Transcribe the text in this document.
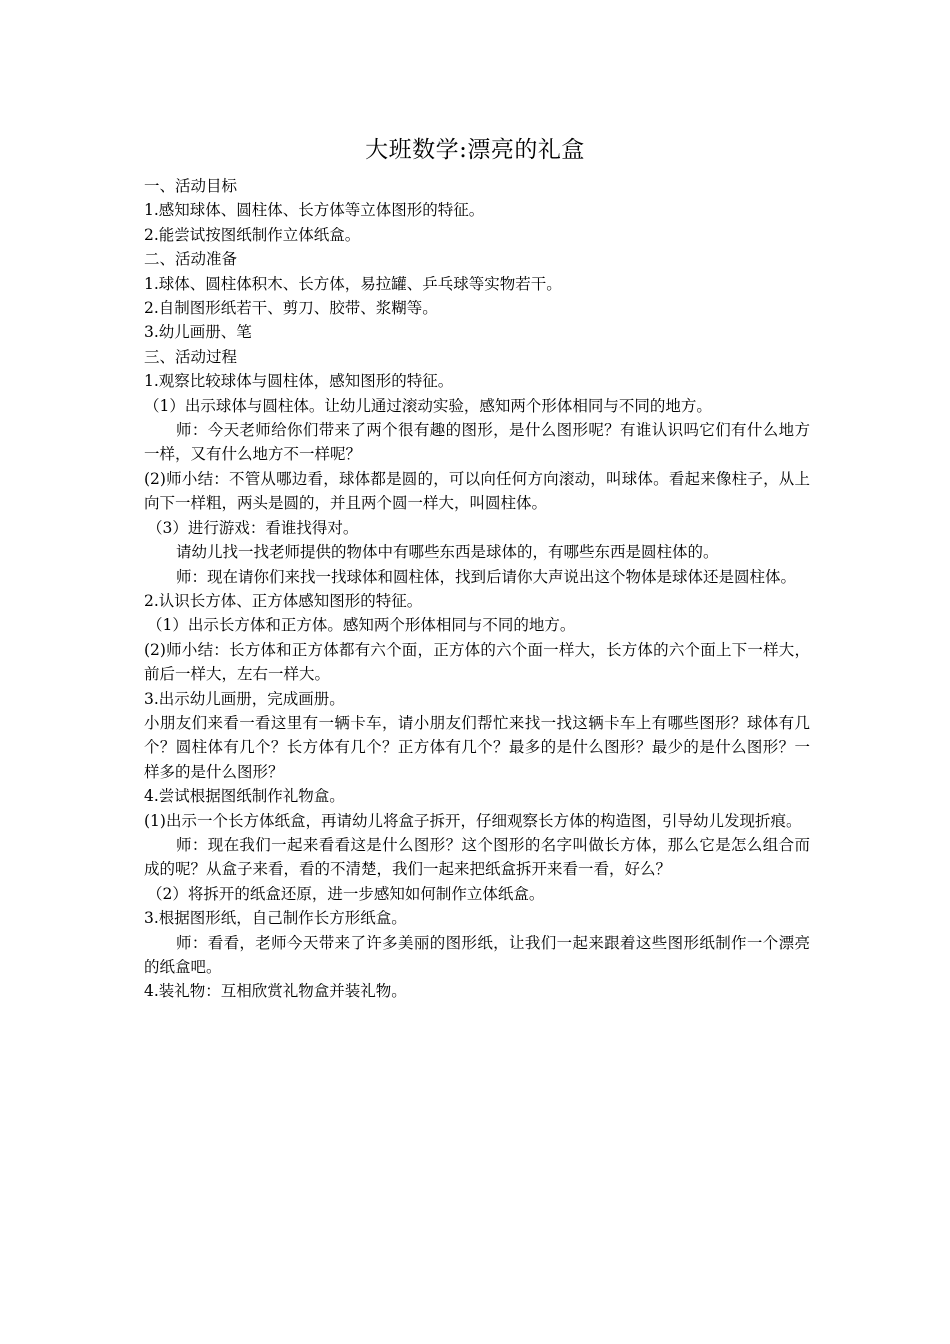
大班数学:漂亮的礼盒

一、活动目标

1.感知球体、圆柱体、长方体等立体图形的特征。

2.能尝试按图纸制作立体纸盒。

二、活动准备

1.球体、圆柱体积木、长方体，易拉罐、乒乓球等实物若干。

2.自制图形纸若干、剪刀、胶带、浆糊等。

3.幼儿画册、笔

三、活动过程

1.观察比较球体与圆柱体，感知图形的特征。

（1）出示球体与圆柱体。让幼儿通过滚动实验，感知两个形体相同与不同的地方。

师：今天老师给你们带来了两个很有趣的图形，是什么图形呢？有谁认识吗它们有什么地方一样，又有什么地方不一样呢？

(2)师小结：不管从哪边看，球体都是圆的，可以向任何方向滚动，叫球体。看起来像柱子，从上向下一样粗，两头是圆的，并且两个圆一样大，叫圆柱体。

（3）进行游戏：看谁找得对。

请幼儿找一找老师提供的物体中有哪些东西是球体的，有哪些东西是圆柱体的。

师：现在请你们来找一找球体和圆柱体，找到后请你大声说出这个物体是球体还是圆柱体。

2.认识长方体、正方体感知图形的特征。

（1）出示长方体和正方体。感知两个形体相同与不同的地方。

(2)师小结：长方体和正方体都有六个面，正方体的六个面一样大，长方体的六个面上下一样大，前后一样大，左右一样大。

3.出示幼儿画册，完成画册。

小朋友们来看一看这里有一辆卡车，请小朋友们帮忙来找一找这辆卡车上有哪些图形？球体有几个？圆柱体有几个？长方体有几个？正方体有几个？最多的是什么图形？最少的是什么图形？一样多的是什么图形？

4.尝试根据图纸制作礼物盒。

(1)出示一个长方体纸盒，再请幼儿将盒子拆开，仔细观察长方体的构造图，引导幼儿发现折痕。

师：现在我们一起来看看这是什么图形？这个图形的名字叫做长方体，那么它是怎么组合而成的呢？从盒子来看，看的不清楚，我们一起来把纸盒拆开来看一看，好么？

（2）将拆开的纸盒还原，进一步感知如何制作立体纸盒。

3.根据图形纸，自己制作长方形纸盒。

师：看看，老师今天带来了许多美丽的图形纸，让我们一起来跟着这些图形纸制作一个漂亮的纸盒吧。

4.装礼物：互相欣赏礼物盒并装礼物。
